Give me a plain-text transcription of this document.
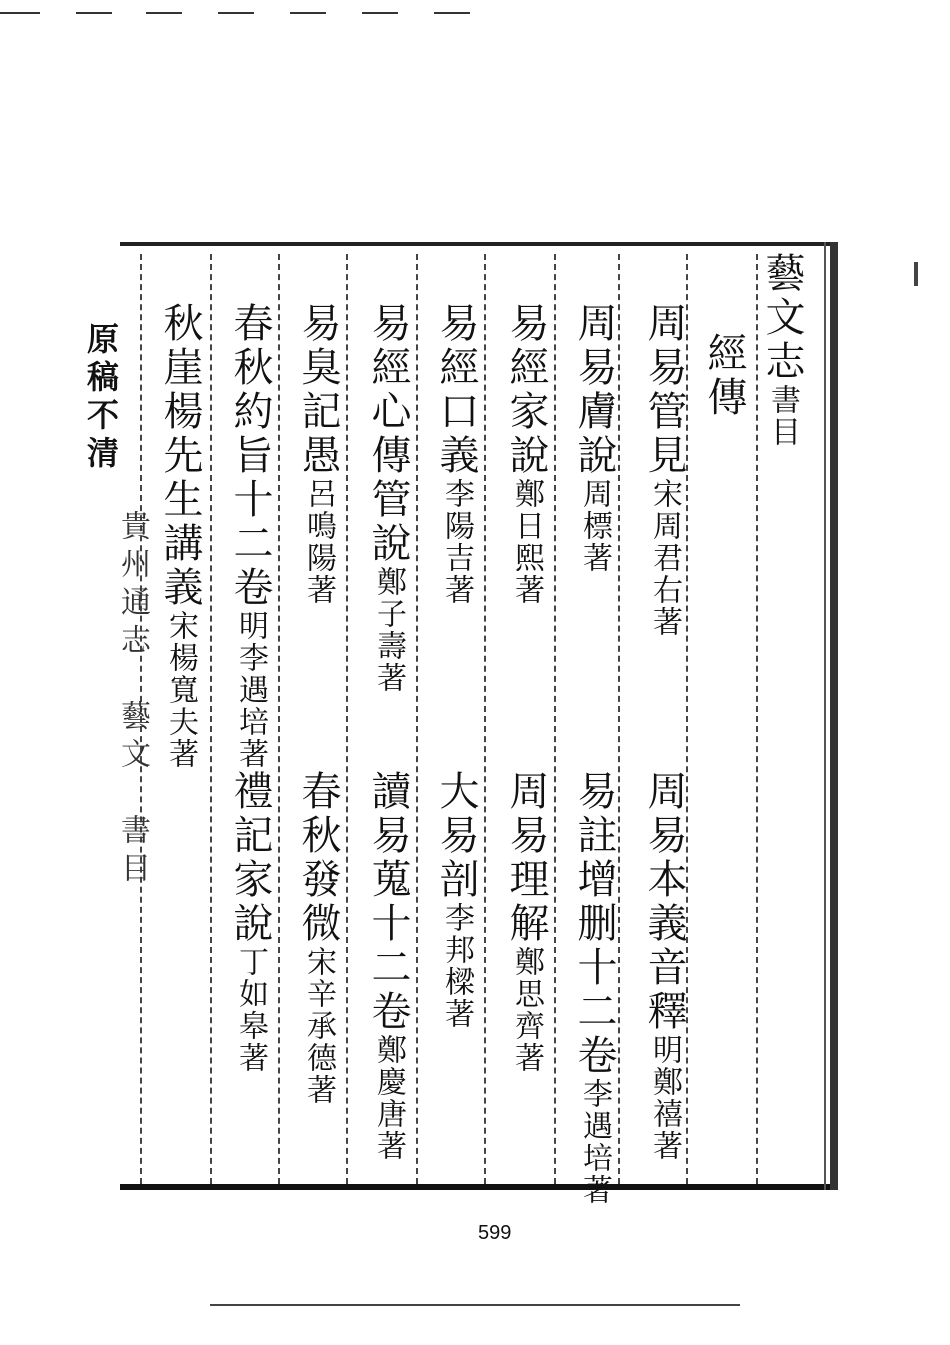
原稿不清
藝文志書目
經傳
周易管見宋周君右著
周易本義音釋明鄭禧著
周易膚說周標著
易註增删十二卷李遇培著
易經家說鄭日熙著
周易理解鄭思齊著
易經口義李陽吉著
大易剖李邦樑著
易經心傳管說鄭子壽著
讀易蒐十二卷鄭慶唐著
易臭記愚呂鳴陽著
春秋發微宋辛承德著
春秋約旨十二卷明李遇培著
禮記家說丁如皋著
秋崖楊先生講義宋楊寬夫著
貴州通志　藝文　書目
599
